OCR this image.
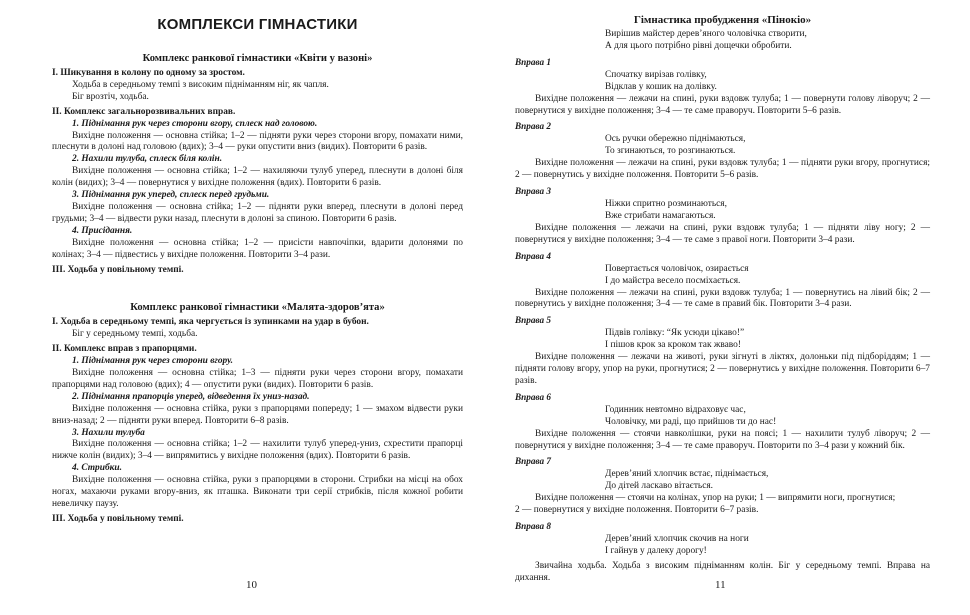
КОМПЛЕКСИ ГІМНАСТИКИ
Комплекс ранкової гімнастики «Квіти у вазоні»

I. Шикування в колону по одному за зростом.

Ходьба в середньому темпі з високим підніманням ніг, як чапля.

Біг врозтіч, ходьба.

II. Комплекс загальнорозвивальних вправ.

1. Піднімання рук через сторони вгору, сплеск над головою.

Вихідне положення — основна стійка; 1–2 — підняти руки через сторони вгору, помахати ними, плеснути в долоні над головою (вдих); 3–4 — руки опустити вниз (видих). Повторити 6 разів.

2. Нахили тулуба, сплеск біля колін.

Вихідне положення — основна стійка; 1–2 — нахиляючи тулуб уперед, плеснути в долоні біля колін (видих); 3–4 — повернутися у вихідне положення (вдих). Повторити 6 разів.

3. Піднімання рук уперед, сплеск перед грудьми.

Вихідне положення — основна стійка; 1–2 — підняти руки вперед, плеснути в долоні перед грудьми; 3–4 — відвести руки назад, плеснути в долоні за спиною. Повторити 6 разів.

4. Присідання.

Вихідне положення — основна стійка; 1–2 — присісти навпочіпки, вдарити долонями по колінах; 3–4 — підвестись у вихідне положення. Повторити 3–4 рази.

III. Ходьба у повільному темпі.

Комплекс ранкової гімнастики «Малята-здоров’ята»

I. Ходьба в середньому темпі, яка чергується із зупинками на удар в бубон.

Біг у середньому темпі, ходьба.

II. Комплекс вправ з прапорцями.

1. Піднімання рук через сторони вгору.

Вихідне положення — основна стійка; 1–3 — підняти руки через сторони вгору, помахати прапорцями над головою (вдих); 4 — опустити руки (видих). Повторити 6 разів.

2. Піднімання прапорців уперед, відведення їх униз-назад.

Вихідне положення — основна стійка, руки з прапорцями попереду; 1 — змахом відвести руки вниз-назад; 2 — підняти руки вперед. Повторити 6–8 разів.

3. Нахили тулуба

Вихідне положення — основна стійка; 1–2 — нахилити тулуб уперед-униз, схрестити прапорці нижче колін (видих); 3–4 — випрямитись у вихідне положення (вдих). Повторити 6 разів.

4. Стрибки.

Вихідне положення — основна стійка, руки з прапорцями в сторони. Стрибки на місці на обох ногах, махаючи руками вгору-вниз, як пташка. Виконати три серії стрибків, після кожної робити невеличку паузу.

III. Ходьба у повільному темпі.

10
Гімнастика пробудження «Пінокіо»

Вирішив майстер дерев’яного чоловічка створити,

А для цього потрібно рівні дощечки обробити.

Вправа 1

Спочатку вирізав голівку,

Відклав у кошик на долівку.

Вихідне положення — лежачи на спині, руки вздовж тулуба; 1 — повернути голову ліворуч; 2 — повернутися у вихідне положення; 3–4 — те саме праворуч. Повторити 5–6 разів.

Вправа 2

Ось ручки обережно піднімаються,

То згинаються, то розгинаються.

Вихідне положення — лежачи на спині, руки вздовж тулуба; 1 — підняти руки вгору, прогнутися; 2 — повернутись у вихідне положення. Повторити 5–6 разів.

Вправа 3

Ніжки спритно розминаються,

Вже стрибати намагаються.

Вихідне положення — лежачи на спині, руки вздовж тулуба; 1 — підняти ліву ногу; 2 — повернутися у вихідне положення; 3–4 — те саме з правої ноги. Повторити 3–4 рази.

Вправа 4

Повертається чоловічок, озирається

І до майстра весело посміхається.

Вихідне положення — лежачи на спині, руки вздовж тулуба; 1 — повернутись на лівий бік; 2 — повернутись у вихідне положення; 3–4 — те саме в правий бік. Повторити 3–4 рази.

Вправа 5

Підвів голівку: “Як усюди цікаво!”

І пішов крок за кроком так жваво!

Вихідне положення — лежачи на животі, руки зігнуті в ліктях, долоньки під підборіддям; 1 — підняти голову вгору, упор на руки, прогнутися; 2 — повернутись у вихідне положення. Повторити 6–7 разів.

Вправа 6

Годинник невтомно відраховує час,

Чоловічку, ми раді, що прийшов ти до нас!

Вихідне положення — стоячи навколішки, руки на поясі; 1 — нахилити тулуб ліворуч; 2 — повернутися у вихідне положення; 3–4 — те саме праворуч. Повторити по 3–4 рази у кожний бік.

Вправа 7

Дерев’яний хлопчик встає, піднімається,

До дітей ласкаво вітається.

Вихідне положення — стоячи на колінах, упор на руки; 1 — випрямити ноги, прогнутися;

2 — повернутися у вихідне положення. Повторити 6–7 разів.

Вправа 8

Дерев’яний хлопчик скочив на ноги

І гайнув у далеку дорогу!

Звичайна ходьба. Ходьба з високим підніманням колін. Біг у середньому темпі. Вправа на дихання.

11
